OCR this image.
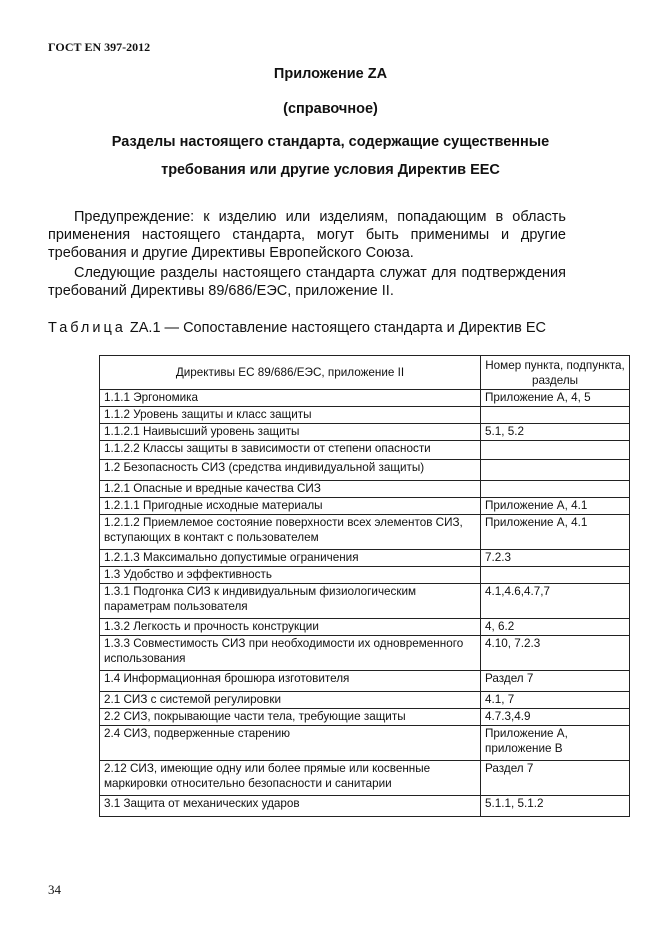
ГОСТ EN 397-2012
Приложение ZA
(справочное)
Разделы настоящего стандарта, содержащие существенные
требования или другие условия Директив ЕЕС
Предупреждение: к изделию или изделиям, попадающим в область применения настоящего стандарта, могут быть применимы и другие требования и другие Директивы Европейского Союза.
Следующие разделы настоящего стандарта служат для подтверждения требований Директивы 89/686/ЕЭС, приложение II.
Таблица ZA.1 — Сопоставление настоящего стандарта и Директив ЕС
Директивы ЕС 89/686/ЕЭС, приложение II	Номер пункта, подпункта, разделы
1.1.1 Эргономика	Приложение А, 4, 5
1.1.2 Уровень защиты и класс защиты	
1.1.2.1 Наивысший уровень защиты	5.1, 5.2
1.1.2.2 Классы защиты в зависимости от степени опасности	
1.2 Безопасность СИЗ (средства индивидуальной защиты)	
1.2.1 Опасные и вредные качества СИЗ	
1.2.1.1 Пригодные исходные материалы	Приложение А, 4.1
1.2.1.2 Приемлемое состояние поверхности всех элементов СИЗ, вступающих в контакт с пользователем	Приложение А, 4.1
1.2.1.3 Максимально допустимые ограничения	7.2.3
1.3 Удобство и эффективность	
1.3.1 Подгонка СИЗ к индивидуальным физиологическим параметрам пользователя	4.1,4.6,4.7,7
1.3.2 Легкость и прочность конструкции	4, 6.2
1.3.3 Совместимость СИЗ при необходимости их одновременного использования	4.10, 7.2.3
1.4 Информационная брошюра изготовителя	Раздел 7
2.1 СИЗ с системой регулировки	4.1, 7
2.2 СИЗ, покрывающие части тела, требующие защиты	4.7.3,4.9
2.4 СИЗ, подверженные старению	Приложение А, приложение В
2.12 СИЗ, имеющие одну или более прямые или косвенные маркировки относительно безопасности и санитарии	Раздел 7
3.1 Защита от механических ударов	5.1.1, 5.1.2
34
